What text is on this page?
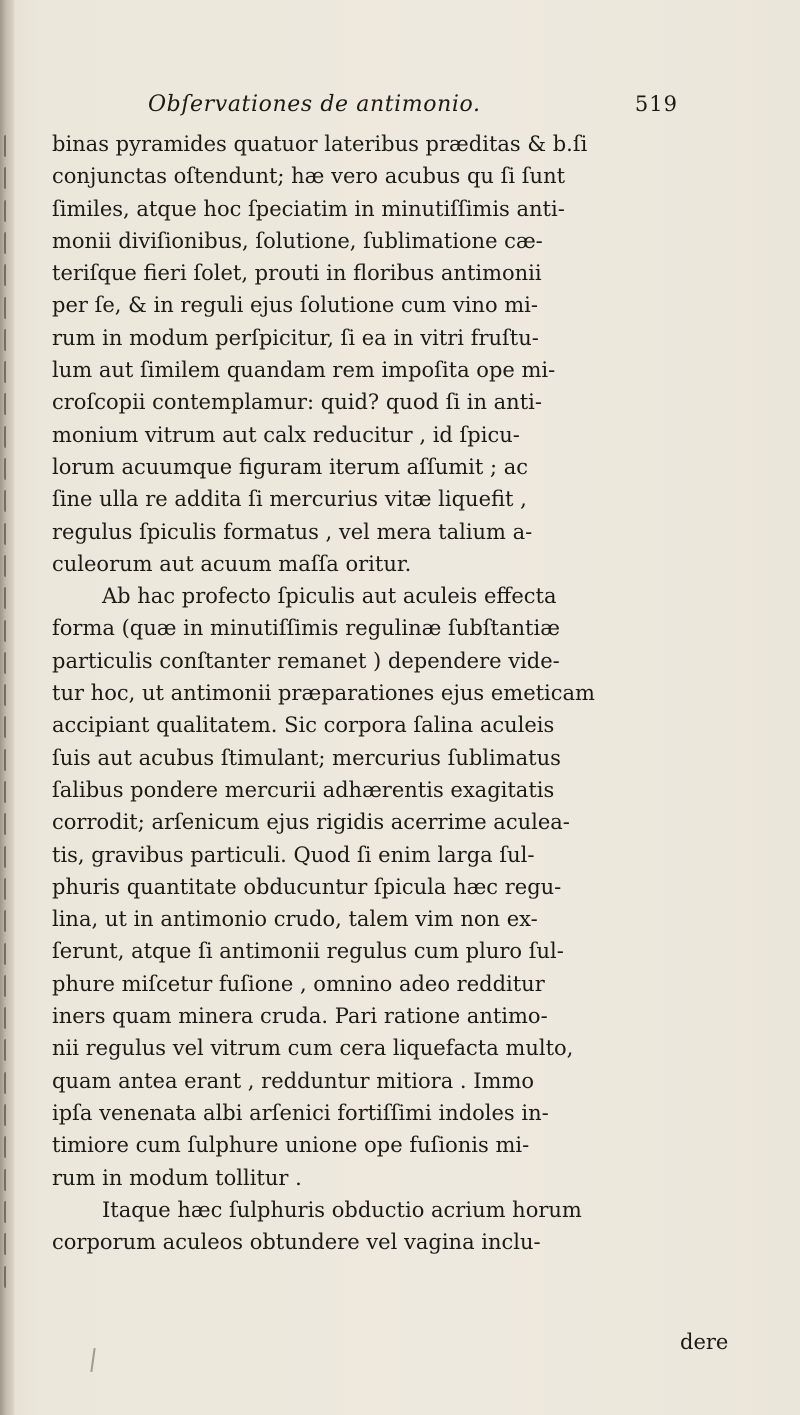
Obſervationes de antimonio.	519
binas pyramides quatuor lateribus præditas & b.ſi
conjunctas oſtendunt; hæ vero acubus qu ſi ſunt
ſimiles, atque hoc ſpeciatim in minutiſſimis anti-
monii diviſionibus, ſolutione, ſublimatione cæ-
teriſque fieri ſolet, prouti in floribus antimonii
per ſe, & in reguli ejus ſolutione cum vino mi-
rum in modum perſpicitur, ſi ea in vitri fruſtu-
lum aut ſimilem quandam rem impoſita ope mi-
croſcopii contemplamur: quid? quod ſi in anti-
monium vitrum aut calx reducitur , id ſpicu-
lorum acuumque figuram iterum aſſumit ; ac
ſine ulla re addita ſi mercurius vitæ liquefit ,
regulus ſpiculis formatus , vel mera talium a-
culeorum aut acuum maſſa oritur.
Ab hac profecto ſpiculis aut aculeis effecta
forma (quæ in minutiſſimis regulinæ ſubſtantiæ
particulis conſtanter remanet ) dependere vide-
tur hoc, ut antimonii præparationes ejus emeticam
accipiant qualitatem. Sic corpora ſalina aculeis
ſuis aut acubus ſtimulant; mercurius ſublimatus
ſalibus pondere mercurii adhærentis exagitatis
corrodit; arſenicum ejus rigidis acerrime aculea-
tis, gravibus particuli. Quod ſi enim larga ſul-
phuris quantitate obducuntur ſpicula hæc regu-
lina, ut in antimonio crudo, talem vim non ex-
ſerunt, atque ſi antimonii regulus cum pluro ſul-
phure miſcetur fuſione , omnino adeo redditur
iners quam minera cruda. Pari ratione antimo-
nii regulus vel vitrum cum cera liquefacta multo,
quam antea erant , redduntur mitiora . Immo
ipſa venenata albi arſenici fortiſſimi indoles in-
timiore cum ſulphure unione ope fuſionis mi-
rum in modum tollitur .
Itaque hæc ſulphuris obductio acrium horum
corporum aculeos obtundere vel vagina inclu-
dere
